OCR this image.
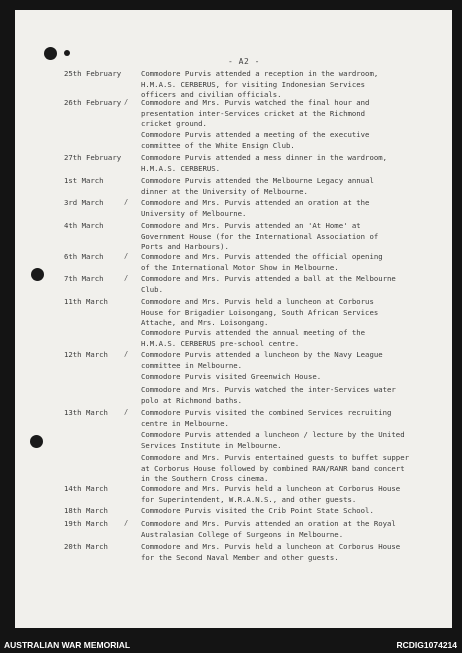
- A2 -
25th February	Commodore Purvis attended a reception in the wardroom,
H.M.A.S. CERBERUS, for visiting Indonesian Services
officers and civilian officials.
26th February / Commodore and Mrs. Purvis watched the final hour and
presentation inter-Services cricket at the Richmond
cricket ground.
Commodore Purvis attended a meeting of the executive
committee of the White Ensign Club.
27th February	Commodore Purvis attended a mess dinner in the wardroom,
H.M.A.S. CERBERUS.
1st March	Commodore Purvis attended the Melbourne Legacy annual
dinner at the University of Melbourne.
3rd March	/ Commodore and Mrs. Purvis attended an oration at the
University of Melbourne.
4th March	Commodore and Mrs. Purvis attended an 'At Home' at
Government House (for the International Association of
Ports and Harbours).
6th March	/ Commodore and Mrs. Purvis attended the official opening
of the International Motor Show in Melbourne.
7th March	/ Commodore and Mrs. Purvis attended a ball at the Melbourne
Club.
11th March	Commodore and Mrs. Purvis held a luncheon at Corborus
House for Brigadier Loisongang, South African Services
Attache, and Mrs. Loisongang.
Commodore Purvis attended the annual meeting of the
H.M.A.S. CERBERUS pre-school centre.
12th March / Commodore Purvis attended a luncheon by the Navy League
committee in Melbourne.
Commodore Purvis visited Greenwich House.
Commodore and Mrs. Purvis watched the inter-Services water
polo at Richmond baths.
13th March / Commodore Purvis visited the combined Services recruiting
centre in Melbourne.
Commodore Purvis attended a luncheon / lecture by the United
Services Institute in Melbourne.
Commodore and Mrs. Purvis entertained guests to buffet supper
at Corborus House followed by combined RAN/RANR band concert
in the Southern Cross cinema.
14th March	Commodore and Mrs. Purvis held a luncheon at Corborus House
for Superintendent, W.R.A.N.S., and other guests.
18th March	Commodore Purvis visited the Crib Point State School.
19th March / Commodore and Mrs. Purvis attended an oration at the Royal
Australasian College of Surgeons in Melbourne.
20th March	Commodore and Mrs. Purvis held a luncheon at Corborus House
for the Second Naval Member and other guests.
AUSTRALIAN WAR MEMORIAL	RCDIG1074214
